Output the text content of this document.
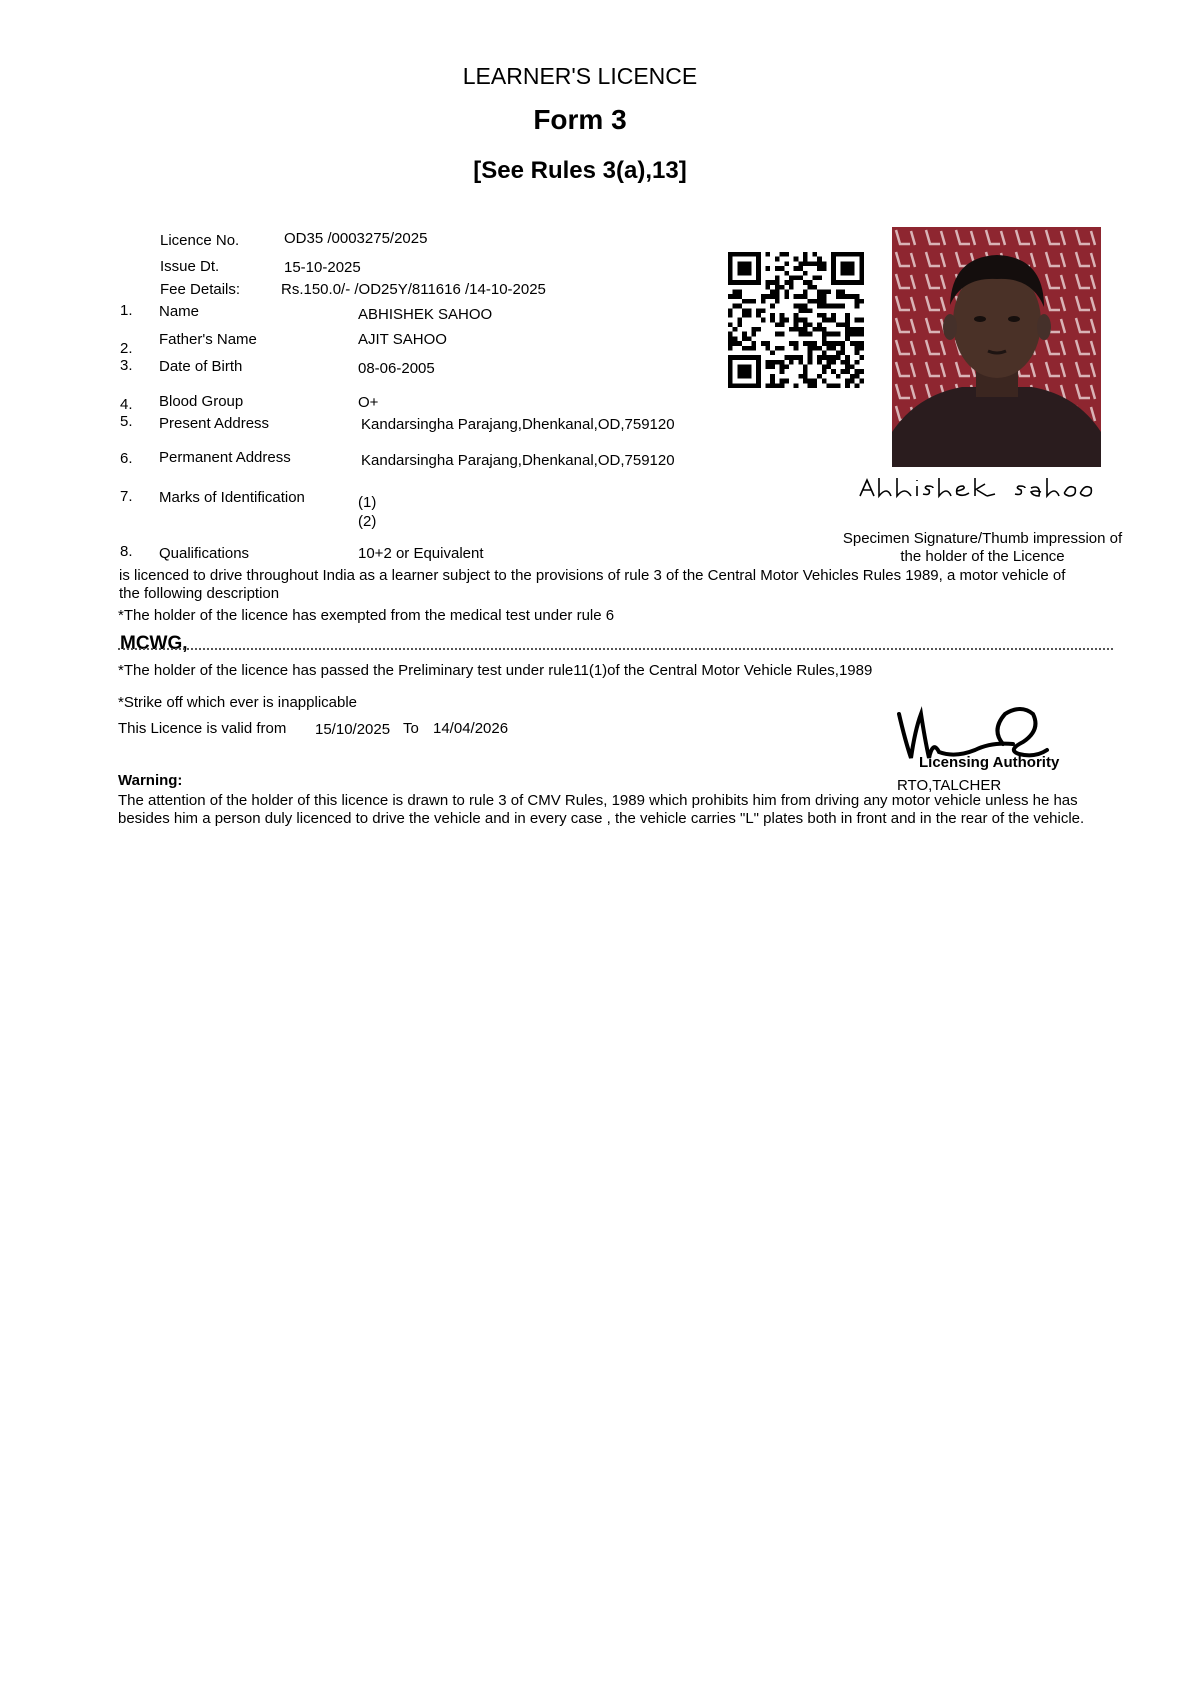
LEARNER'S LICENCE
Form 3
[See Rules 3(a),13]
Licence No.	OD35 /0003275/2025
Issue Dt.	15-10-2025
Fee Details:	Rs.150.0/- /OD25Y/811616 /14-10-2025
1. Name	ABHISHEK SAHOO
2.
Father's Name	AJIT SAHOO
3. Date of Birth	08-06-2005
4. Blood Group	O+
5. Present Address	Kandarsingha Parajang,Dhenkanal,OD,759120
6. Permanent Address	Kandarsingha Parajang,Dhenkanal,OD,759120
7. Marks of Identification	(1)
(2)
8. Qualifications	10+2 or Equivalent
Specimen Signature/Thumb impression of
the holder of the Licence
is licenced to drive throughout India as a learner subject to the provisions of rule 3 of the Central Motor Vehicles Rules 1989, a motor vehicle of the following description
*The holder of the licence has exempted from the medical test under rule 6
MCWG,
*The holder of the licence has passed the Preliminary test under rule11(1)of the Central Motor Vehicle Rules,1989
*Strike off which ever is inapplicable
This Licence is valid from 15/10/2025 To 14/04/2026
Licensing Authority
RTO,TALCHER
Warning:
The attention of the holder of this licence is drawn to rule 3 of CMV Rules, 1989 which prohibits him from driving any motor vehicle unless he has besides him a person duly licenced to drive the vehicle and in every case , the vehicle carries "L" plates both in front and in the rear of the vehicle.
